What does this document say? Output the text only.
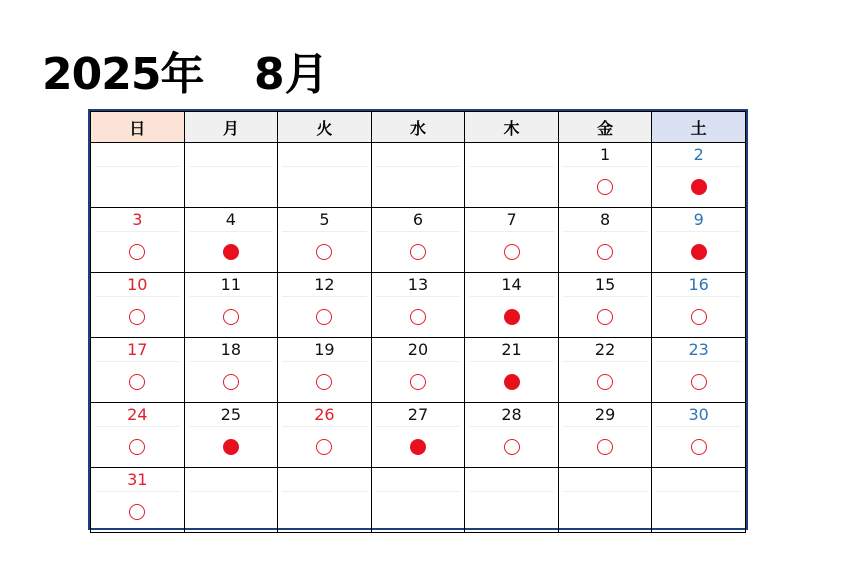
2025年 8月
日	月	火	水	木	金	土

					1	2

3	4	5	6	7	8	9

10	11	12	13	14	15	16

17	18	19	20	21	22	23

24	25	26	27	28	29	30

31						
